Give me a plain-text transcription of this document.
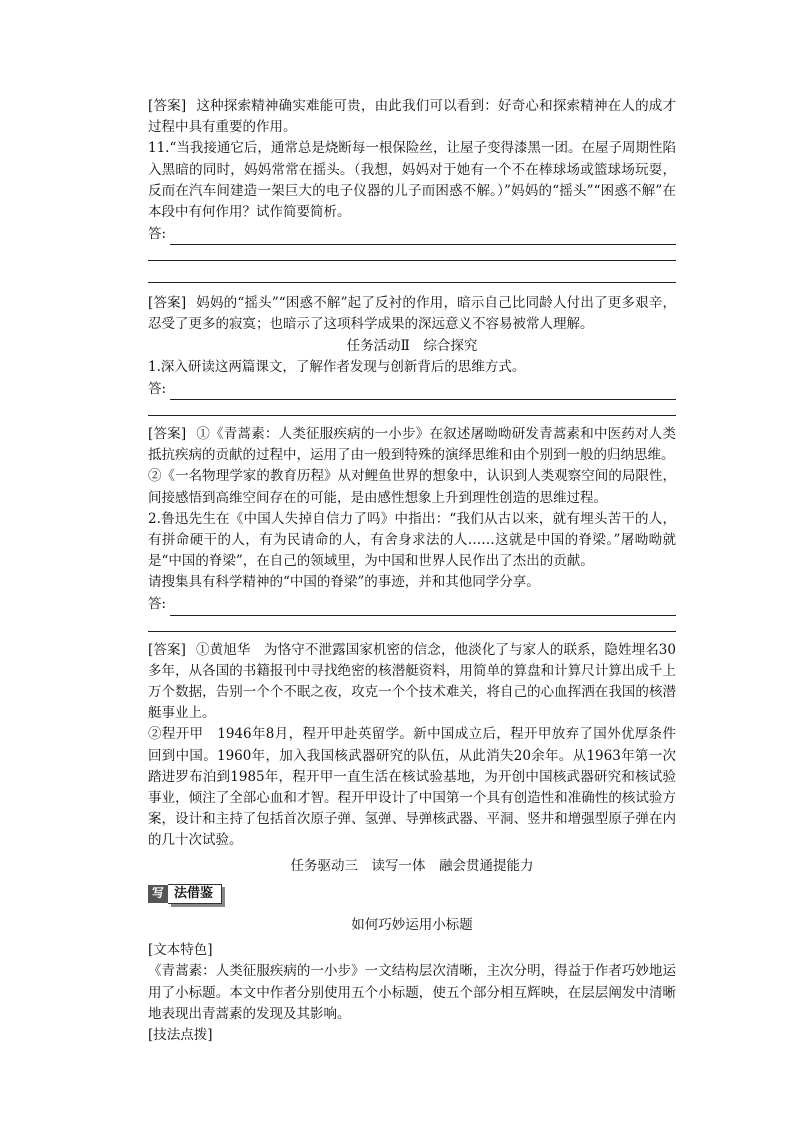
[答案] 这种探索精神确实难能可贵，由此我们可以看到：好奇心和探索精神在人的成才过程中具有重要的作用。

11.“当我接通它后，通常总是烧断每一根保险丝，让屋子变得漆黑一团。在屋子周期性陷入黑暗的同时，妈妈常常在摇头。（我想，妈妈对于她有一个不在棒球场或篮球场玩耍，反而在汽车间建造一架巨大的电子仪器的儿子而困惑不解。）”妈妈的“摇头”“困惑不解”在本段中有何作用？试作简要简析。

答:

[答案] 妈妈的“摇头”“困惑不解”起了反衬的作用，暗示自己比同龄人付出了更多艰辛，忍受了更多的寂寞；也暗示了这项科学成果的深远意义不容易被常人理解。

任务活动Ⅱ　综合探究

1.深入研读这两篇课文，了解作者发现与创新背后的思维方式。

答:

[答案] ①《青蒿素：人类征服疾病的一小步》在叙述屠呦呦研发青蒿素和中医药对人类抵抗疾病的贡献的过程中，运用了由一般到特殊的演绎思维和由个别到一般的归纳思维。

②《一名物理学家的教育历程》从对鲤鱼世界的想象中，认识到人类观察空间的局限性，间接感悟到高维空间存在的可能，是由感性想象上升到理性创造的思维过程。

2.鲁迅先生在《中国人失掉自信力了吗》中指出：“我们从古以来，就有埋头苦干的人，有拼命硬干的人，有为民请命的人，有舍身求法的人……这就是中国的脊梁。”屠呦呦就是“中国的脊梁”，在自己的领域里，为中国和世界人民作出了杰出的贡献。

请搜集具有科学精神的“中国的脊梁”的事迹，并和其他同学分享。

答:

[答案] ①黄旭华　为恪守不泄露国家机密的信念，他淡化了与家人的联系，隐姓埋名30多年，从各国的书籍报刊中寻找绝密的核潜艇资料，用简单的算盘和计算尺计算出成千上万个数据，告别一个个不眠之夜，攻克一个个技术难关，将自己的心血挥洒在我国的核潜艇事业上。

②程开甲　1946年8月，程开甲赴英留学。新中国成立后，程开甲放弃了国外优厚条件回到中国。1960年，加入我国核武器研究的队伍，从此消失20余年。从1963年第一次踏进罗布泊到1985年，程开甲一直生活在核试验基地，为开创中国核武器研究和核试验事业，倾注了全部心血和才智。程开甲设计了中国第一个具有创造性和准确性的核试验方案，设计和主持了包括首次原子弹、氢弹、导弹核武器、平洞、竖井和增强型原子弹在内的几十次试验。

任务驱动三　读写一体　融会贯通提能力

写 法借鉴

如何巧妙运用小标题

[文本特色]

《青蒿素：人类征服疾病的一小步》一文结构层次清晰，主次分明，得益于作者巧妙地运用了小标题。本文中作者分别使用五个小标题，使五个部分相互辉映，在层层阐发中清晰地表现出青蒿素的发现及其影响。

[技法点拨]
